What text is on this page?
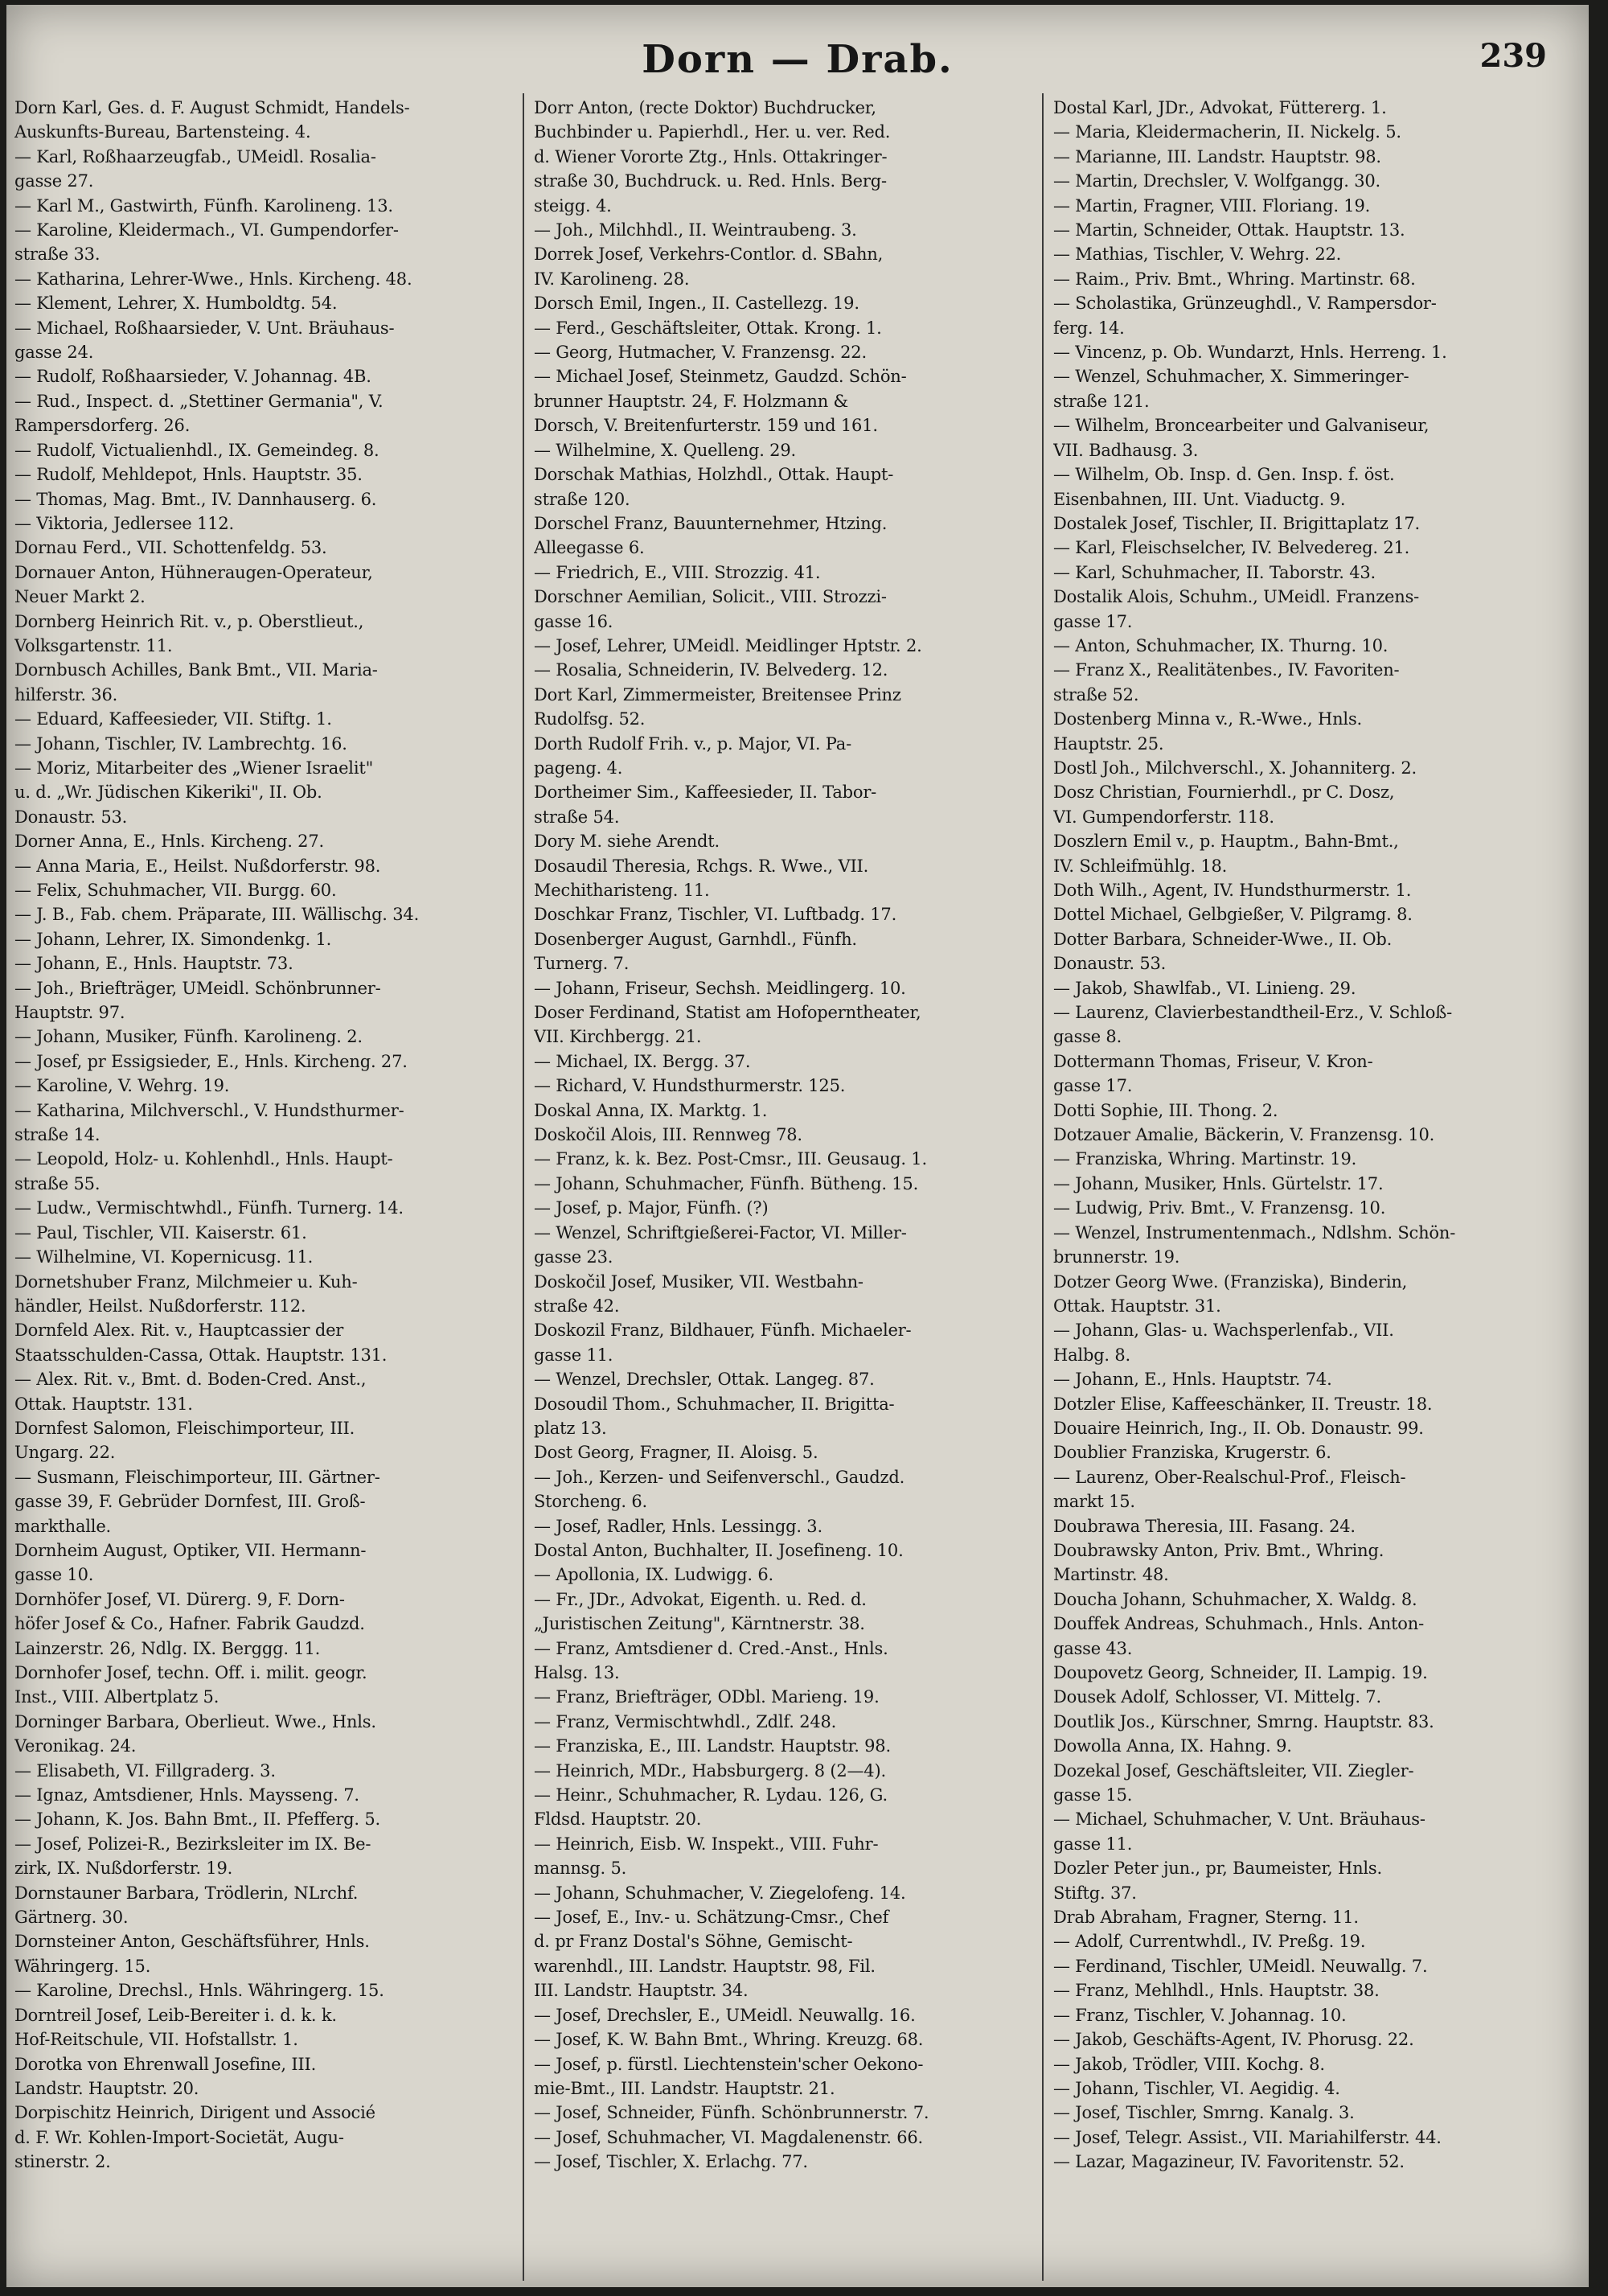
Dorn — Drab.	239
Dorn Karl, Ges. d. F. August Schmidt, Handels-
Auskunfts-Bureau, Bartensteing. 4.
— Karl, Roßhaarzeugfab., UMeidl. Rosalia-
gasse 27.
— Karl M., Gastwirth, Fünfh. Karolineng. 13.
— Karoline, Kleidermach., VI. Gumpendorfer-
straße 33.
— Katharina, Lehrer-Wwe., Hnls. Kircheng. 48.
— Klement, Lehrer, X. Humboldtg. 54.
— Michael, Roßhaarsieder, V. Unt. Bräuhaus-
gasse 24.
— Rudolf, Roßhaarsieder, V. Johannag. 4B.
— Rud., Inspect. d. „Stettiner Germania", V.
Rampersdorferg. 26.
— Rudolf, Victualienhdl., IX. Gemeindeg. 8.
— Rudolf, Mehldepot, Hnls. Hauptstr. 35.
— Thomas, Mag. Bmt., IV. Dannhauserg. 6.
— Viktoria, Jedlersee 112.
Dornau Ferd., VII. Schottenfeldg. 53.
Dornauer Anton, Hühneraugen-Operateur,
Neuer Markt 2.
Dornberg Heinrich Rit. v., p. Oberstlieut.,
Volksgartenstr. 11.
Dornbusch Achilles, Bank Bmt., VII. Maria-
hilferstr. 36.
— Eduard, Kaffeesieder, VII. Stiftg. 1.
— Johann, Tischler, IV. Lambrechtg. 16.
— Moriz, Mitarbeiter des „Wiener Israelit"
u. d. „Wr. Jüdischen Kikeriki", II. Ob.
Donaustr. 53.
Dorner Anna, E., Hnls. Kircheng. 27.
— Anna Maria, E., Heilst. Nußdorferstr. 98.
— Felix, Schuhmacher, VII. Burgg. 60.
— J. B., Fab. chem. Präparate, III. Wällischg. 34.
— Johann, Lehrer, IX. Simondenkg. 1.
— Johann, E., Hnls. Hauptstr. 73.
— Joh., Briefträger, UMeidl. Schönbrunner-
Hauptstr. 97.
— Johann, Musiker, Fünfh. Karolineng. 2.
— Josef, pr Essigsieder, E., Hnls. Kircheng. 27.
— Karoline, V. Wehrg. 19.
— Katharina, Milchverschl., V. Hundsthurmer-
straße 14.
— Leopold, Holz- u. Kohlenhdl., Hnls. Haupt-
straße 55.
— Ludw., Vermischtwhdl., Fünfh. Turnerg. 14.
— Paul, Tischler, VII. Kaiserstr. 61.
— Wilhelmine, VI. Kopernicusg. 11.
Dornetshuber Franz, Milchmeier u. Kuh-
händler, Heilst. Nußdorferstr. 112.
Dornfeld Alex. Rit. v., Hauptcassier der
Staatsschulden-Cassa, Ottak. Hauptstr. 131.
— Alex. Rit. v., Bmt. d. Boden-Cred. Anst.,
Ottak. Hauptstr. 131.
Dornfest Salomon, Fleischimporteur, III.
Ungarg. 22.
— Susmann, Fleischimporteur, III. Gärtner-
gasse 39, F. Gebrüder Dornfest, III. Groß-
markthalle.
Dornheim August, Optiker, VII. Hermann-
gasse 10.
Dornhöfer Josef, VI. Dürerg. 9, F. Dorn-
höfer Josef & Co., Hafner. Fabrik Gaudzd.
Lainzerstr. 26, Ndlg. IX. Berggg. 11.
Dornhofer Josef, techn. Off. i. milit. geogr.
Inst., VIII. Albertplatz 5.
Dorninger Barbara, Oberlieut. Wwe., Hnls.
Veronikag. 24.
— Elisabeth, VI. Fillgraderg. 3.
— Ignaz, Amtsdiener, Hnls. Maysseng. 7.
— Johann, K. Jos. Bahn Bmt., II. Pfefferg. 5.
— Josef, Polizei-R., Bezirksleiter im IX. Be-
zirk, IX. Nußdorferstr. 19.
Dornstauner Barbara, Trödlerin, NLrchf.
Gärtnerg. 30.
Dornsteiner Anton, Geschäftsführer, Hnls.
Währingerg. 15.
— Karoline, Drechsl., Hnls. Währingerg. 15.
Dorntreil Josef, Leib-Bereiter i. d. k. k.
Hof-Reitschule, VII. Hofstallstr. 1.
Dorotka von Ehrenwall Josefine, III.
Landstr. Hauptstr. 20.
Dorpischitz Heinrich, Dirigent und Associé
d. F. Wr. Kohlen-Import-Societät, Augu-
stinerstr. 2.
Dorr Anton, (recte Doktor) Buchdrucker,
Buchbinder u. Papierhdl., Her. u. ver. Red.
d. Wiener Vororte Ztg., Hnls. Ottakringer-
straße 30, Buchdruck. u. Red. Hnls. Berg-
steigg. 4.
— Joh., Milchhdl., II. Weintraubeng. 3.
Dorrek Josef, Verkehrs-Contlor. d. SBahn,
IV. Karolineng. 28.
Dorsch Emil, Ingen., II. Castellezg. 19.
— Ferd., Geschäftsleiter, Ottak. Krong. 1.
— Georg, Hutmacher, V. Franzensg. 22.
— Michael Josef, Steinmetz, Gaudzd. Schön-
brunner Hauptstr. 24, F. Holzmann &
Dorsch, V. Breitenfurterstr. 159 und 161.
— Wilhelmine, X. Quelleng. 29.
Dorschak Mathias, Holzhdl., Ottak. Haupt-
straße 120.
Dorschel Franz, Bauunternehmer, Htzing.
Alleegasse 6.
— Friedrich, E., VIII. Strozzig. 41.
Dorschner Aemilian, Solicit., VIII. Strozzi-
gasse 16.
— Josef, Lehrer, UMeidl. Meidlinger Hptstr. 2.
— Rosalia, Schneiderin, IV. Belvederg. 12.
Dort Karl, Zimmermeister, Breitensee Prinz
Rudolfsg. 52.
Dorth Rudolf Frih. v., p. Major, VI. Pa-
pageng. 4.
Dortheimer Sim., Kaffeesieder, II. Tabor-
straße 54.
Dory M. siehe Arendt.
Dosaudil Theresia, Rchgs. R. Wwe., VII.
Mechitharisteng. 11.
Doschkar Franz, Tischler, VI. Luftbadg. 17.
Dosenberger August, Garnhdl., Fünfh.
Turnerg. 7.
— Johann, Friseur, Sechsh. Meidlingerg. 10.
Doser Ferdinand, Statist am Hofoperntheater,
VII. Kirchbergg. 21.
— Michael, IX. Bergg. 37.
— Richard, V. Hundsthurmerstr. 125.
Doskal Anna, IX. Marktg. 1.
Doskočil Alois, III. Rennweg 78.
— Franz, k. k. Bez. Post-Cmsr., III. Geusaug. 1.
— Johann, Schuhmacher, Fünfh. Bütheng. 15.
— Josef, p. Major, Fünfh. (?)
— Wenzel, Schriftgießerei-Factor, VI. Miller-
gasse 23.
Doskočil Josef, Musiker, VII. Westbahn-
straße 42.
Doskozil Franz, Bildhauer, Fünfh. Michaeler-
gasse 11.
— Wenzel, Drechsler, Ottak. Langeg. 87.
Dosoudil Thom., Schuhmacher, II. Brigitta-
platz 13.
Dost Georg, Fragner, II. Aloisg. 5.
— Joh., Kerzen- und Seifenverschl., Gaudzd.
Storcheng. 6.
— Josef, Radler, Hnls. Lessingg. 3.
Dostal Anton, Buchhalter, II. Josefineng. 10.
— Apollonia, IX. Ludwigg. 6.
— Fr., JDr., Advokat, Eigenth. u. Red. d.
„Juristischen Zeitung", Kärntnerstr. 38.
— Franz, Amtsdiener d. Cred.-Anst., Hnls.
Halsg. 13.
— Franz, Briefträger, ODbl. Marieng. 19.
— Franz, Vermischtwhdl., Zdlf. 248.
— Franziska, E., III. Landstr. Hauptstr. 98.
— Heinrich, MDr., Habsburgerg. 8 (2—4).
— Heinr., Schuhmacher, R. Lydau. 126, G.
Fldsd. Hauptstr. 20.
— Heinrich, Eisb. W. Inspekt., VIII. Fuhr-
mannsg. 5.
— Johann, Schuhmacher, V. Ziegelofeng. 14.
— Josef, E., Inv.- u. Schätzung-Cmsr., Chef
d. pr Franz Dostal's Söhne, Gemischt-
warenhdl., III. Landstr. Hauptstr. 98, Fil.
III. Landstr. Hauptstr. 34.
— Josef, Drechsler, E., UMeidl. Neuwallg. 16.
— Josef, K. W. Bahn Bmt., Whring. Kreuzg. 68.
— Josef, p. fürstl. Liechtenstein'scher Oekono-
mie-Bmt., III. Landstr. Hauptstr. 21.
— Josef, Schneider, Fünfh. Schönbrunnerstr. 7.
— Josef, Schuhmacher, VI. Magdalenenstr. 66.
— Josef, Tischler, X. Erlachg. 77.
Dostal Karl, JDr., Advokat, Füttererg. 1.
— Maria, Kleidermacherin, II. Nickelg. 5.
— Marianne, III. Landstr. Hauptstr. 98.
— Martin, Drechsler, V. Wolfgangg. 30.
— Martin, Fragner, VIII. Floriang. 19.
— Martin, Schneider, Ottak. Hauptstr. 13.
— Mathias, Tischler, V. Wehrg. 22.
— Raim., Priv. Bmt., Whring. Martinstr. 68.
— Scholastika, Grünzeughdl., V. Rampersdor-
ferg. 14.
— Vincenz, p. Ob. Wundarzt, Hnls. Herreng. 1.
— Wenzel, Schuhmacher, X. Simmeringer-
straße 121.
— Wilhelm, Broncearbeiter und Galvaniseur,
VII. Badhausg. 3.
— Wilhelm, Ob. Insp. d. Gen. Insp. f. öst.
Eisenbahnen, III. Unt. Viaductg. 9.
Dostalek Josef, Tischler, II. Brigittaplatz 17.
— Karl, Fleischselcher, IV. Belvedereg. 21.
— Karl, Schuhmacher, II. Taborstr. 43.
Dostalik Alois, Schuhm., UMeidl. Franzens-
gasse 17.
— Anton, Schuhmacher, IX. Thurng. 10.
— Franz X., Realitätenbes., IV. Favoriten-
straße 52.
Dostenberg Minna v., R.-Wwe., Hnls.
Hauptstr. 25.
Dostl Joh., Milchverschl., X. Johanniterg. 2.
Dosz Christian, Fournierhdl., pr C. Dosz,
VI. Gumpendorferstr. 118.
Doszlern Emil v., p. Hauptm., Bahn-Bmt.,
IV. Schleifmühlg. 18.
Doth Wilh., Agent, IV. Hundsthurmerstr. 1.
Dottel Michael, Gelbgießer, V. Pilgramg. 8.
Dotter Barbara, Schneider-Wwe., II. Ob.
Donaustr. 53.
— Jakob, Shawlfab., VI. Linieng. 29.
— Laurenz, Clavierbestandtheil-Erz., V. Schloß-
gasse 8.
Dottermann Thomas, Friseur, V. Kron-
gasse 17.
Dotti Sophie, III. Thong. 2.
Dotzauer Amalie, Bäckerin, V. Franzensg. 10.
— Franziska, Whring. Martinstr. 19.
— Johann, Musiker, Hnls. Gürtelstr. 17.
— Ludwig, Priv. Bmt., V. Franzensg. 10.
— Wenzel, Instrumentenmach., Ndlshm. Schön-
brunnerstr. 19.
Dotzer Georg Wwe. (Franziska), Binderin,
Ottak. Hauptstr. 31.
— Johann, Glas- u. Wachsperlenfab., VII.
Halbg. 8.
— Johann, E., Hnls. Hauptstr. 74.
Dotzler Elise, Kaffeeschänker, II. Treustr. 18.
Douaire Heinrich, Ing., II. Ob. Donaustr. 99.
Doublier Franziska, Krugerstr. 6.
— Laurenz, Ober-Realschul-Prof., Fleisch-
markt 15.
Doubrawa Theresia, III. Fasang. 24.
Doubrawsky Anton, Priv. Bmt., Whring.
Martinstr. 48.
Doucha Johann, Schuhmacher, X. Waldg. 8.
Douffek Andreas, Schuhmach., Hnls. Anton-
gasse 43.
Doupovetz Georg, Schneider, II. Lampig. 19.
Dousek Adolf, Schlosser, VI. Mittelg. 7.
Doutlik Jos., Kürschner, Smrng. Hauptstr. 83.
Dowolla Anna, IX. Hahng. 9.
Dozekal Josef, Geschäftsleiter, VII. Ziegler-
gasse 15.
— Michael, Schuhmacher, V. Unt. Bräuhaus-
gasse 11.
Dozler Peter jun., pr, Baumeister, Hnls.
Stiftg. 37.
Drab Abraham, Fragner, Sterng. 11.
— Adolf, Currentwhdl., IV. Preßg. 19.
— Ferdinand, Tischler, UMeidl. Neuwallg. 7.
— Franz, Mehlhdl., Hnls. Hauptstr. 38.
— Franz, Tischler, V. Johannag. 10.
— Jakob, Geschäfts-Agent, IV. Phorusg. 22.
— Jakob, Trödler, VIII. Kochg. 8.
— Johann, Tischler, VI. Aegidig. 4.
— Josef, Tischler, Smrng. Kanalg. 3.
— Josef, Telegr. Assist., VII. Mariahilferstr. 44.
— Lazar, Magazineur, IV. Favoritenstr. 52.
